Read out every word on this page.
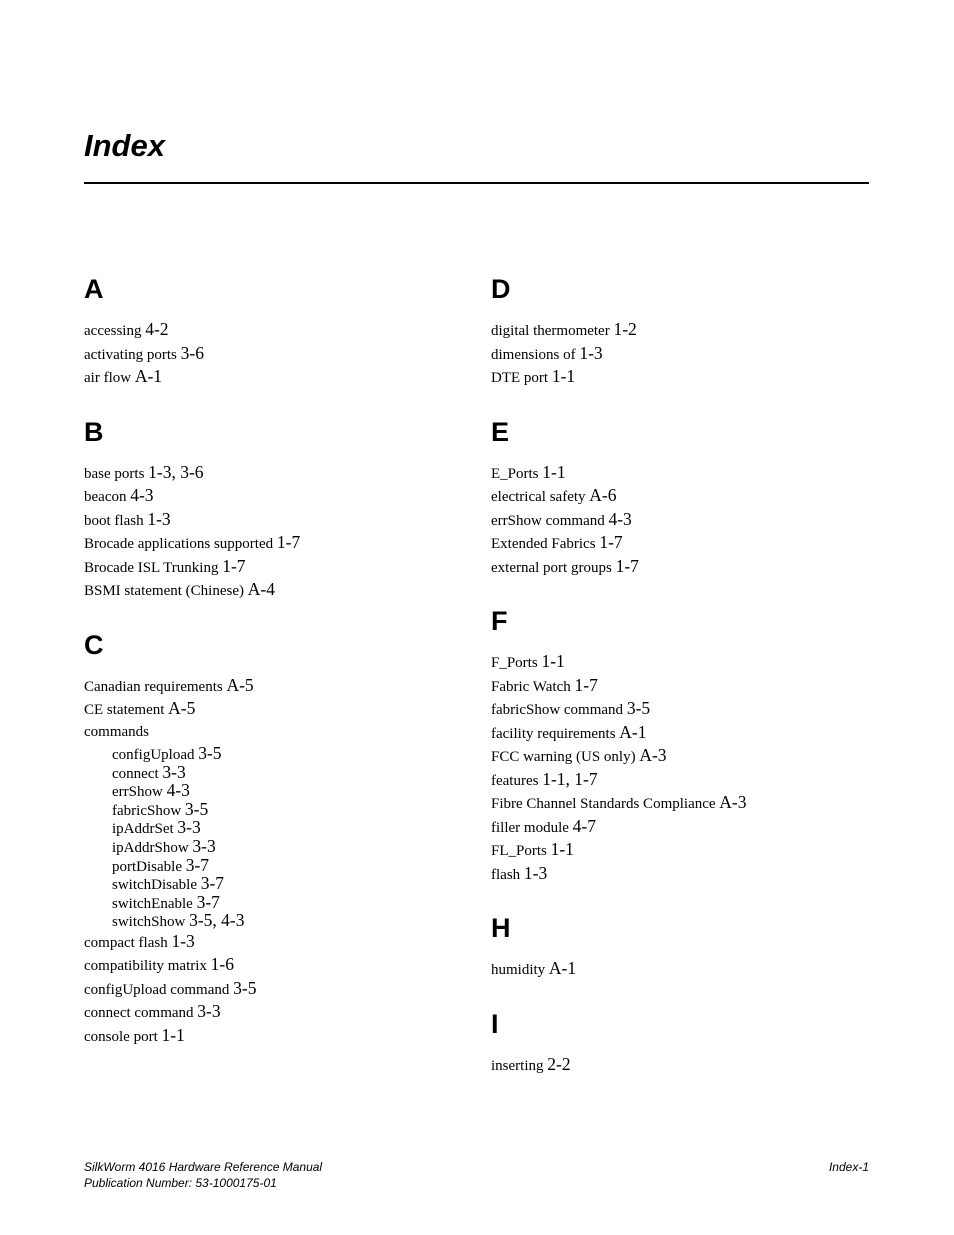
Index
A
accessing 4-2
activating ports 3-6
air flow A-1
B
base ports 1-3, 3-6
beacon 4-3
boot flash 1-3
Brocade applications supported 1-7
Brocade ISL Trunking 1-7
BSMI statement (Chinese) A-4
C
Canadian requirements A-5
CE statement A-5
commands
configUpload 3-5
connect 3-3
errShow 4-3
fabricShow 3-5
ipAddrSet 3-3
ipAddrShow 3-3
portDisable 3-7
switchDisable 3-7
switchEnable 3-7
switchShow 3-5, 4-3
compact flash 1-3
compatibility matrix 1-6
configUpload command 3-5
connect command 3-3
console port 1-1
D
digital thermometer 1-2
dimensions of 1-3
DTE port 1-1
E
E_Ports 1-1
electrical safety A-6
errShow command 4-3
Extended Fabrics 1-7
external port groups 1-7
F
F_Ports 1-1
Fabric Watch 1-7
fabricShow command 3-5
facility requirements A-1
FCC warning (US only) A-3
features 1-1, 1-7
Fibre Channel Standards Compliance A-3
filler module 4-7
FL_Ports 1-1
flash 1-3
H
humidity A-1
I
inserting 2-2
SilkWorm 4016 Hardware Reference Manual
Publication Number: 53-1000175-01
Index-1
